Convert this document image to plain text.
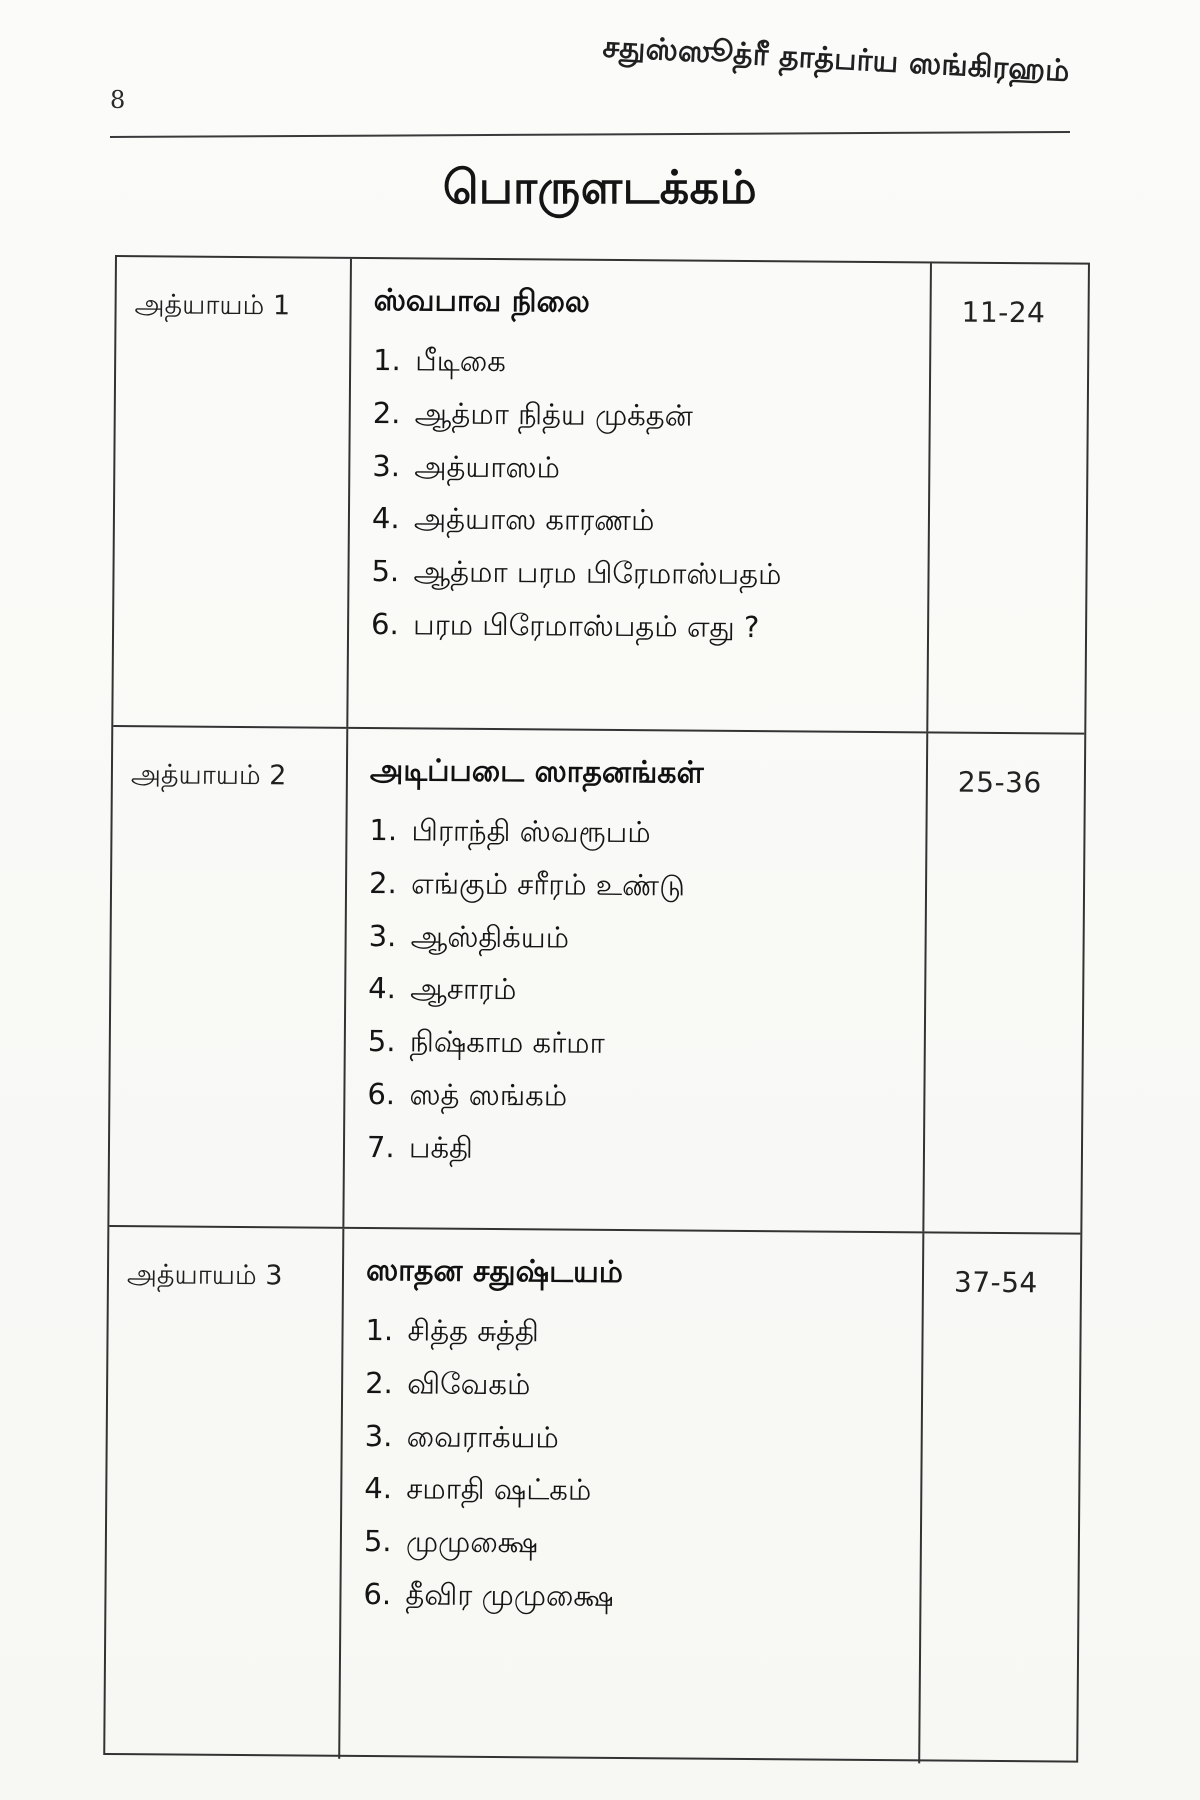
8
சதுஸ்ஸூத்ரீ தாத்பர்ய ஸங்கிரஹம்
பொருளடக்கம்
அத்யாயம் 1	ஸ்வபாவ நிலை
1. பீடிகை
2. ஆத்மா நித்ய முக்தன்
3. அத்யாஸம்
4. அத்யாஸ காரணம்
5. ஆத்மா பரம பிரேமாஸ்பதம்
6. பரம பிரேமாஸ்பதம் எது ?
11-24
அத்யாயம் 2	அடிப்படை ஸாதனங்கள்
1. பிராந்தி ஸ்வரூபம்
2. எங்கும் சரீரம் உண்டு
3. ஆஸ்திக்யம்
4. ஆசாரம்
5. நிஷ்காம கர்மா
6. ஸத் ஸங்கம்
7. பக்தி
25-36
அத்யாயம் 3	ஸாதன சதுஷ்டயம்
1. சித்த சுத்தி
2. விவேகம்
3. வைராக்யம்
4. சமாதி ஷட்கம்
5. முமுக்ஷை
6. தீவிர முமுக்ஷை
37-54
